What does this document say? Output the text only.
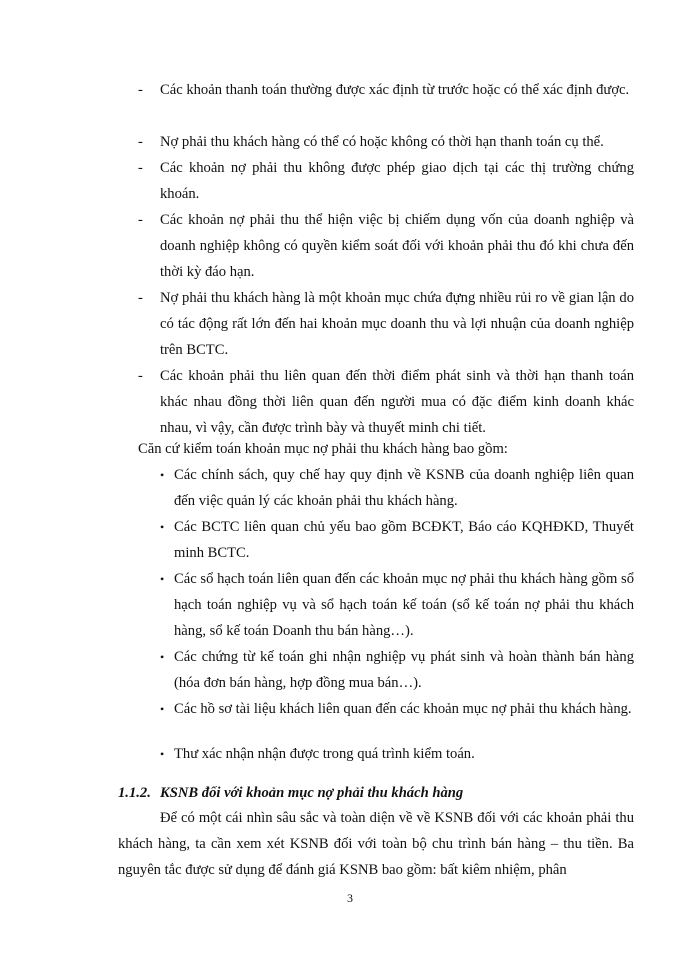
- Các khoản thanh toán thường được xác định từ trước hoặc có thể xác định được.
- Nợ phải thu khách hàng có thể có hoặc không có thời hạn thanh toán cụ thể.
- Các khoản nợ phải thu không được phép giao dịch tại các thị trường chứng khoán.
- Các khoản nợ phải thu thể hiện việc bị chiếm dụng vốn của doanh nghiệp và doanh nghiệp không có quyền kiểm soát đối với khoản phải thu đó khi chưa đến thời kỳ đáo hạn.
- Nợ phải thu khách hàng là một khoản mục chứa đựng nhiều rủi ro về gian lận do có tác động rất lớn đến hai khoản mục doanh thu và lợi nhuận của doanh nghiệp trên BCTC.
- Các khoản phải thu liên quan đến thời điểm phát sinh và thời hạn thanh toán khác nhau đồng thời liên quan đến người mua có đặc điểm kinh doanh khác nhau, vì vậy, cần được trình bày và thuyết minh chi tiết.
Căn cứ kiểm toán khoản mục nợ phải thu khách hàng bao gồm:
• Các chính sách, quy chế hay quy định về KSNB của doanh nghiệp liên quan đến việc quản lý các khoản phải thu khách hàng.
• Các BCTC liên quan chủ yếu bao gồm BCĐKT, Báo cáo KQHĐKD, Thuyết minh BCTC.
• Các sổ hạch toán liên quan đến các khoản mục nợ phải thu khách hàng gồm sổ hạch toán nghiệp vụ và sổ hạch toán kế toán (sổ kế toán nợ phải thu khách hàng, sổ kế toán Doanh thu bán hàng…).
• Các chứng từ kế toán ghi nhận nghiệp vụ phát sinh và hoàn thành bán hàng (hóa đơn bán hàng, hợp đồng mua bán…).
• Các hồ sơ tài liệu khách liên quan đến các khoản mục nợ phải thu khách hàng.
• Thư xác nhận nhận được trong quá trình kiểm toán.
1.1.2. KSNB đối với khoản mục nợ phải thu khách hàng
Để có một cái nhìn sâu sắc và toàn diện về về KSNB đối với các khoản phải thu khách hàng, ta cần xem xét KSNB đối với toàn bộ chu trình bán hàng – thu tiền. Ba nguyên tắc được sử dụng để đánh giá KSNB bao gồm: bất kiêm nhiệm, phân
3
